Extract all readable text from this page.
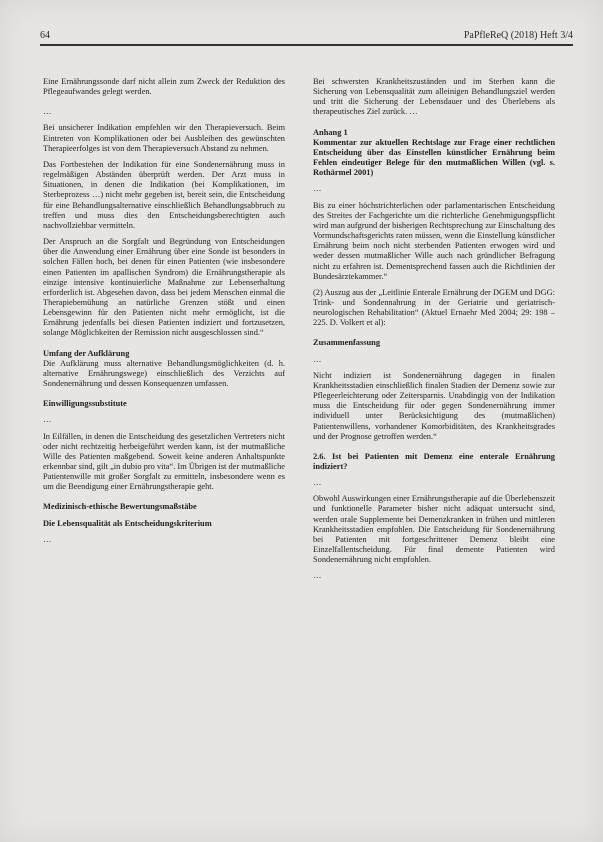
64	PaPfleReQ (2018) Heft 3/4

Eine Ernährungssonde darf nicht allein zum Zweck der Reduktion des Pflegeaufwandes gelegt werden.

…

Bei unsicherer Indikation empfehlen wir den Therapieversuch. Beim Eintreten von Komplikationen oder bei Ausbleiben des gewünschten Therapieerfolges ist von dem Therapieversuch Abstand zu nehmen.

Das Fortbestehen der Indikation für eine Sondenernährung muss in regelmäßigen Abständen überprüft werden. Der Arzt muss in Situationen, in denen die Indikation (bei Komplikationen, im Sterbeprozess …) nicht mehr gegeben ist, bereit sein, die Entscheidung für eine Behandlungsalternative einschließlich Behandlungsabbruch zu treffen und muss dies den Entscheidungsberechtigten auch nachvollziehbar vermitteln.

Der Anspruch an die Sorgfalt und Begründung von Entscheidungen über die Anwendung einer Ernährung über eine Sonde ist besonders in solchen Fällen hoch, bei denen für einen Patienten (wie insbesondere einen Patienten im apallischen Syndrom) die Ernährungstherapie als einzige intensive kontinuierliche Maßnahme zur Lebenserhaltung erforderlich ist. Abgesehen davon, dass bei jedem Menschen einmal die Therapiebemühung an natürliche Grenzen stößt und einen Lebensgewinn für den Patienten nicht mehr ermöglicht, ist die Ernährung jedenfalls bei diesen Patienten indiziert und fortzusetzen, solange Möglichkeiten der Remission nicht ausgeschlossen sind.“

Umfang der Aufklärung

Die Aufklärung muss alternative Behandlungsmöglichkeiten (d. h. alternative Ernährungswege) einschließlich des Verzichts auf Sondenernährung und dessen Konsequenzen umfassen.

Einwilligungssubstitute

…

In Eilfällen, in denen die Entscheidung des gesetzlichen Vertreters nicht oder nicht rechtzeitig herbeigeführt werden kann, ist der mutmaßliche Wille des Patienten maßgebend. Soweit keine anderen Anhaltspunkte erkennbar sind, gilt „in dubio pro vita“. Im Übrigen ist der mutmaßliche Patientenwille mit großer Sorgfalt zu ermitteln, insbesondere wenn es um die Beendigung einer Ernährungstherapie geht.

Medizinisch-ethische Bewertungsmaßstäbe

Die Lebensqualität als Entscheidungskriterium

…

Bei schwersten Krankheitszuständen und im Sterben kann die Sicherung von Lebensqualität zum alleinigen Behandlungsziel werden und tritt die Sicherung der Lebensdauer und des Überlebens als therapeutisches Ziel zurück. …

Anhang 1

Kommentar zur aktuellen Rechtslage zur Frage einer rechtlichen Entscheidung über das Einstellen künstlicher Ernährung beim Fehlen eindeutiger Belege für den mutmaßlichen Willen (vgl. s. Rothärmel 2001)

…

Bis zu einer höchstrichterlichen oder parlamentarischen Entscheidung des Streites der Fachgerichte um die richterliche Genehmigungspflicht wird man aufgrund der bisherigen Rechtsprechung zur Einschaltung des Vormundschaftsgerichts raten müssen, wenn die Einstellung künstlicher Ernährung beim noch nicht sterbenden Patienten erwogen wird und weder dessen mutmaßlicher Wille auch nach gründlicher Befragung nicht zu erfahren ist. Dementsprechend fassen auch die Richtlinien der Bundesärztekammer.“

(2) Auszug aus der „Leitlinie Enterale Ernährung der DGEM und DGG: Trink- und Sondennahrung in der Geriatrie und geriatrisch-neurologischen Rehabilitation“ (Aktuel Ernaehr Med 2004; 29: 198 – 225. D. Volkert et al):

Zusammenfassung

…

Nicht indiziert ist Sondenernährung dagegen in finalen Krankheitsstadien einschließlich finalen Stadien der Demenz sowie zur Pflegeerleichterung oder Zeitersparnis. Unabdingig von der Indikation muss die Entscheidung für oder gegen Sondenernährung immer individuell unter Berücksichtigung des (mutmaßlichen) Patientenwillens, vorhandener Komorbiditäten, des Krankheitsgrades und der Prognose getroffen werden.“

2.6. Ist bei Patienten mit Demenz eine enterale Ernährung indiziert?

…

Obwohl Auswirkungen einer Ernährungstherapie auf die Überlebenszeit und funktionelle Parameter bisher nicht adäquat untersucht sind, werden orale Supplemente bei Demenzkranken in frühen und mittleren Krankheitsstadien empfohlen. Die Entscheidung für Sondenernährung bei Patienten mit fortgeschrittener Demenz bleibt eine Einzelfallentscheidung. Für final demente Patienten wird Sondenernährung nicht empfohlen.

…
